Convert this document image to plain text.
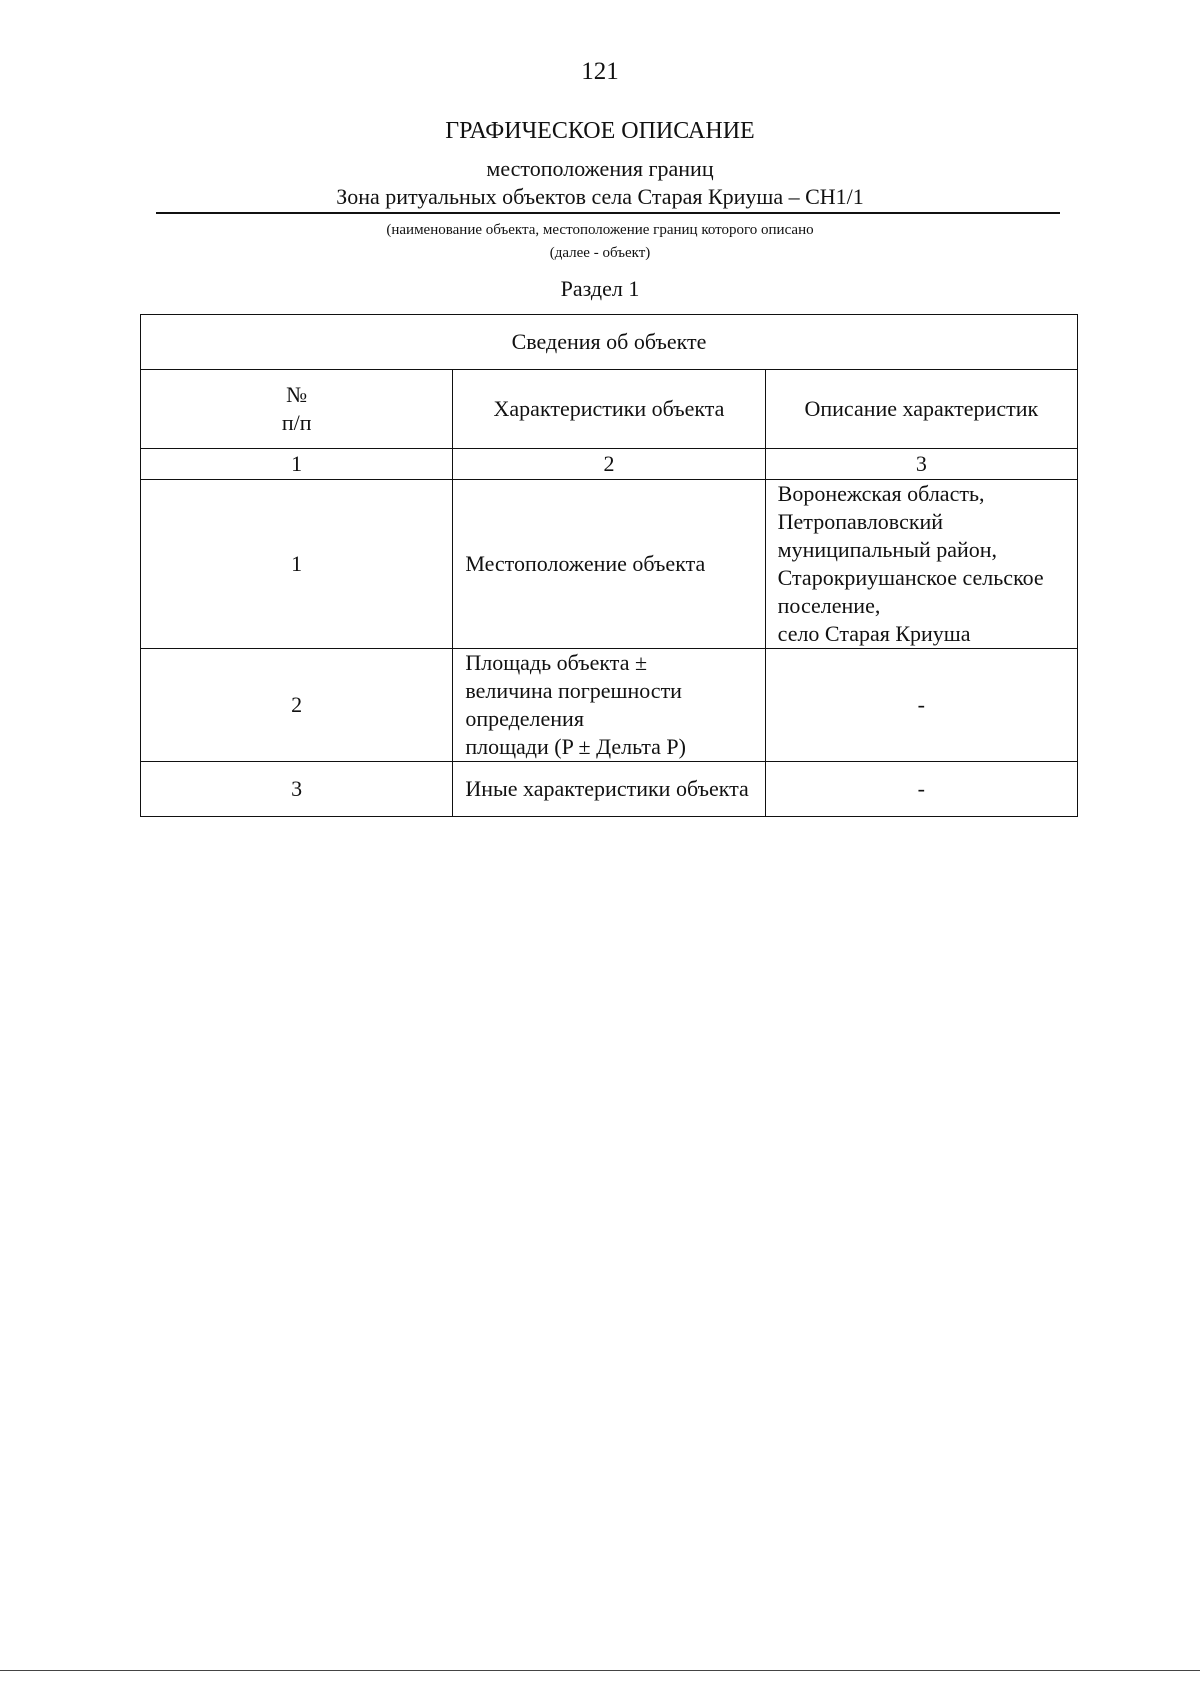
121
ГРАФИЧЕСКОЕ ОПИСАНИЕ
местоположения границ
Зона ритуальных объектов села Старая Криуша – СН1/1
(наименование объекта, местоположение границ которого описано
(далее - объект)
Раздел 1
Сведения об объекте		

№
п/п	Характеристики объекта	Описание характеристик
1	2	3
1	Местоположение объекта	Воронежская область, Петропавловский
муниципальный район,
Старокриушанское сельское поселение,
село Старая Криуша

2	Площадь объекта ±
величина погрешности определения
площади (P ± Дельта P)	-

3	Иные характеристики объекта	-
